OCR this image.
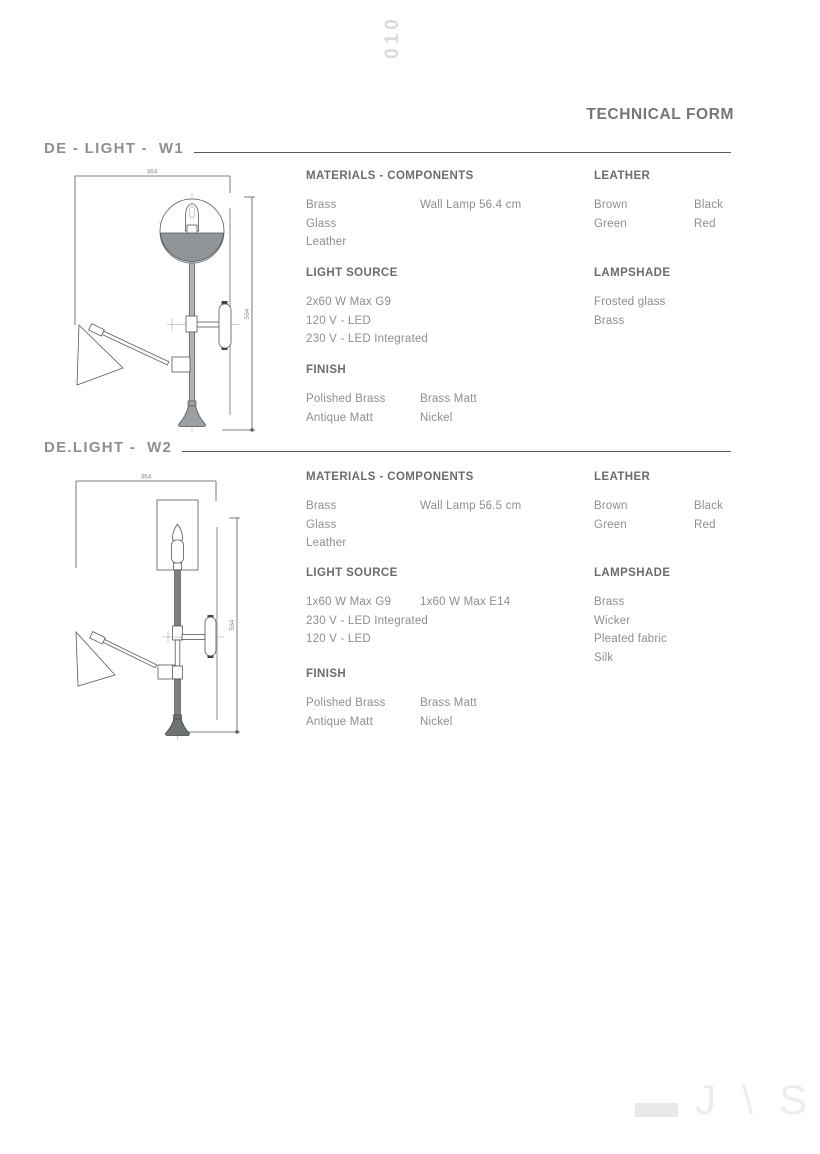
010
TECHNICAL FORM
DE - LIGHT -  W1
364
564
MATERIALS - COMPONENTS
Brass
Glass
Leather
Wall Lamp 56.4 cm
LEATHER
Brown
Green
Black
Red
LIGHT SOURCE
2x60 W Max G9
120 V - LED
230 V - LED Integrated
LAMPSHADE
Frosted glass
Brass
FINISH
Polished Brass
Antique Matt
Brass Matt
Nickel
DE.LIGHT -  W2
364
564
MATERIALS - COMPONENTS
Brass
Glass
Leather
Wall Lamp 56.5 cm
LEATHER
Brown
Green
Black
Red
LIGHT SOURCE
1x60 W Max G9
230 V - LED Integrated
120 V - LED
1x60 W Max E14
LAMPSHADE
Brass
Wicker
Pleated fabric
Silk
FINISH
Polished Brass
Antique Matt
Brass Matt
Nickel
J \ S
